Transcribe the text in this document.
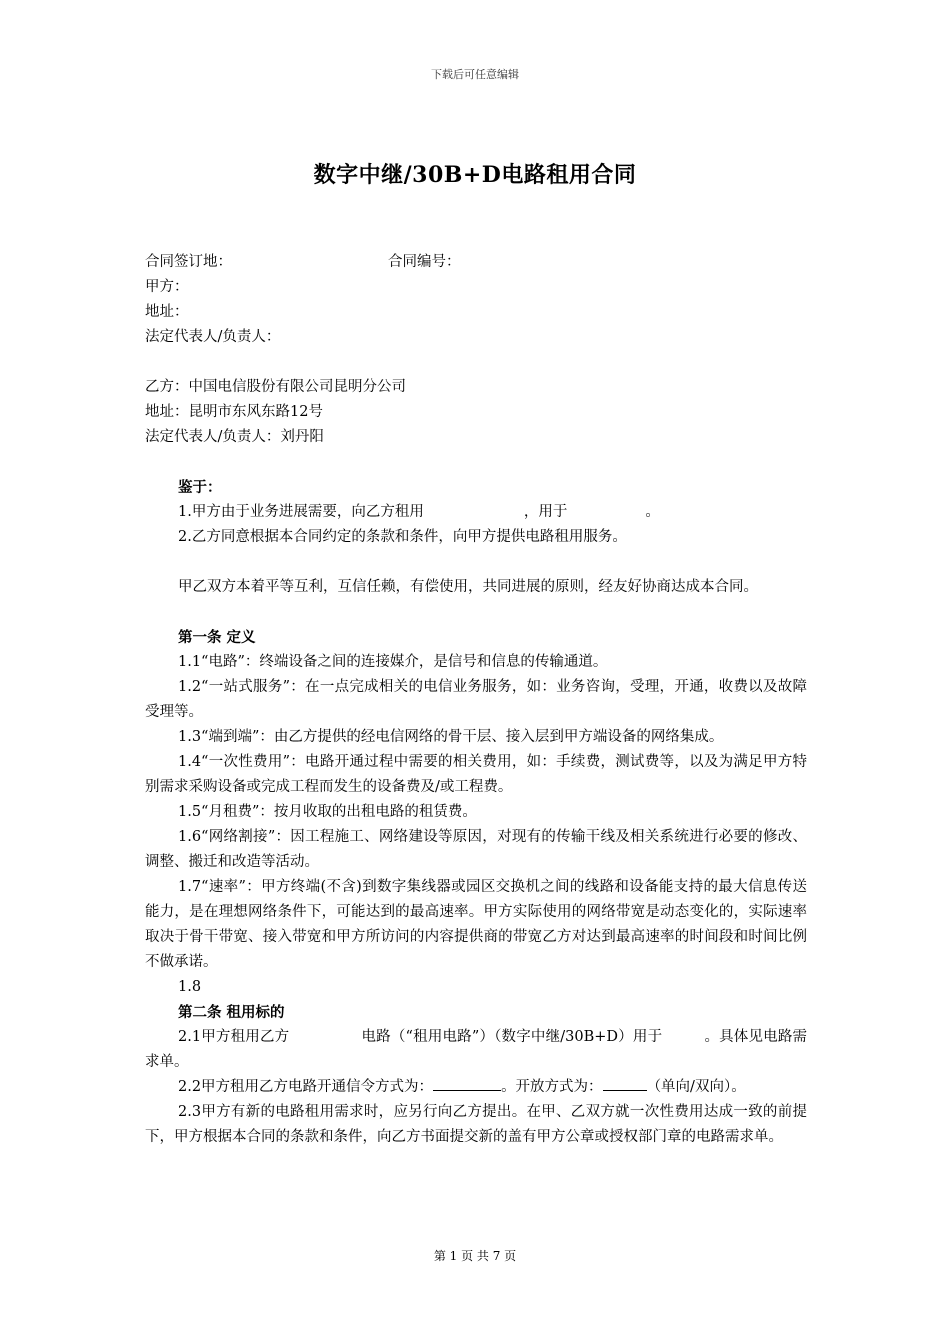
下载后可任意编辑
数字中继/30B+D电路租用合同
合同签订地：	合同编号：
甲方：
地址：
法定代表人/负责人：
乙方：中国电信股份有限公司昆明分公司
地址：昆明市东风东路12号
法定代表人/负责人：刘丹阳
鉴于：
1.甲方由于业务进展需要，向乙方租用	，用于	。
2.乙方同意根据本合同约定的条款和条件，向甲方提供电路租用服务。
甲乙双方本着平等互利，互信任赖，有偿使用，共同进展的原则，经友好协商达成本合同。
第一条 定义
1.1“电路”：终端设备之间的连接媒介，是信号和信息的传输通道。
1.2“一站式服务”：在一点完成相关的电信业务服务，如：业务咨询，受理，开通，收费以及故障受理等。
1.3“端到端”：由乙方提供的经电信网络的骨干层、接入层到甲方端设备的网络集成。
1.4“一次性费用”：电路开通过程中需要的相关费用，如：手续费，测试费等，以及为满足甲方特别需求采购设备或完成工程而发生的设备费及/或工程费。
1.5“月租费”：按月收取的出租电路的租赁费。
1.6“网络割接”：因工程施工、网络建设等原因，对现有的传输干线及相关系统进行必要的修改、调整、搬迁和改造等活动。
1.7“速率”：甲方终端(不含)到数字集线器或园区交换机之间的线路和设备能支持的最大信息传送能力，是在理想网络条件下，可能达到的最高速率。甲方实际使用的网络带宽是动态变化的，实际速率取决于骨干带宽、接入带宽和甲方所访问的内容提供商的带宽乙方对达到最高速率的时间段和时间比例不做承诺。
1.8
第二条 租用标的
2.1甲方租用乙方	电路（“租用电路”）（数字中继/30B+D）用于	。具体见电路需求单。
2.2甲方租用乙方电路开通信令方式为：	。开放方式为：	（单向/双向）。
2.3甲方有新的电路租用需求时，应另行向乙方提出。在甲、乙双方就一次性费用达成一致的前提下，甲方根据本合同的条款和条件，向乙方书面提交新的盖有甲方公章或授权部门章的电路需求单。
第 1 页 共 7 页
